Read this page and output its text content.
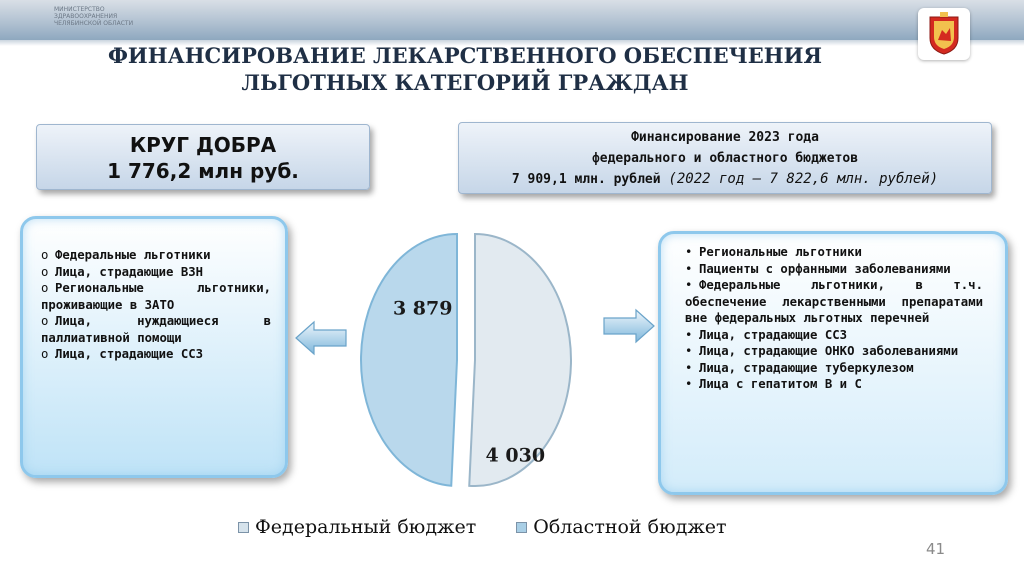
МИНИСТЕРСТВО
ЗДРАВООХРАНЕНИЯ
ЧЕЛЯБИНСКОЙ ОБЛАСТИ
ФИНАНСИРОВАНИЕ ЛЕКАРСТВЕННОГО ОБЕСПЕЧЕНИЯ
ЛЬГОТНЫХ КАТЕГОРИЙ ГРАЖДАН
КРУГ ДОБРА
1 776,2 млн руб.
Финансирование 2023 года
федерального и областного бюджетов
7 909,1 млн. рублей (2022 год – 7 822,6 млн. рублей)
o Федеральные льготники
o Лица, страдающие ВЗН
o Региональные льготники, проживающие в ЗАТО
o Лица, нуждающиеся в паллиативной помощи
o Лица, страдающие ССЗ
• Региональные льготники
• Пациенты с орфанными заболеваниями
• Федеральные льготники, в т.ч. обеспечение лекарственными препаратами вне федеральных льготных перечней
• Лица, страдающие ССЗ
• Лица, страдающие ОНКО заболеваниями
• Лица, страдающие туберкулезом
• Лица с гепатитом В и С
3 879
4 030
Федеральный бюджет	Областной бюджет
41
